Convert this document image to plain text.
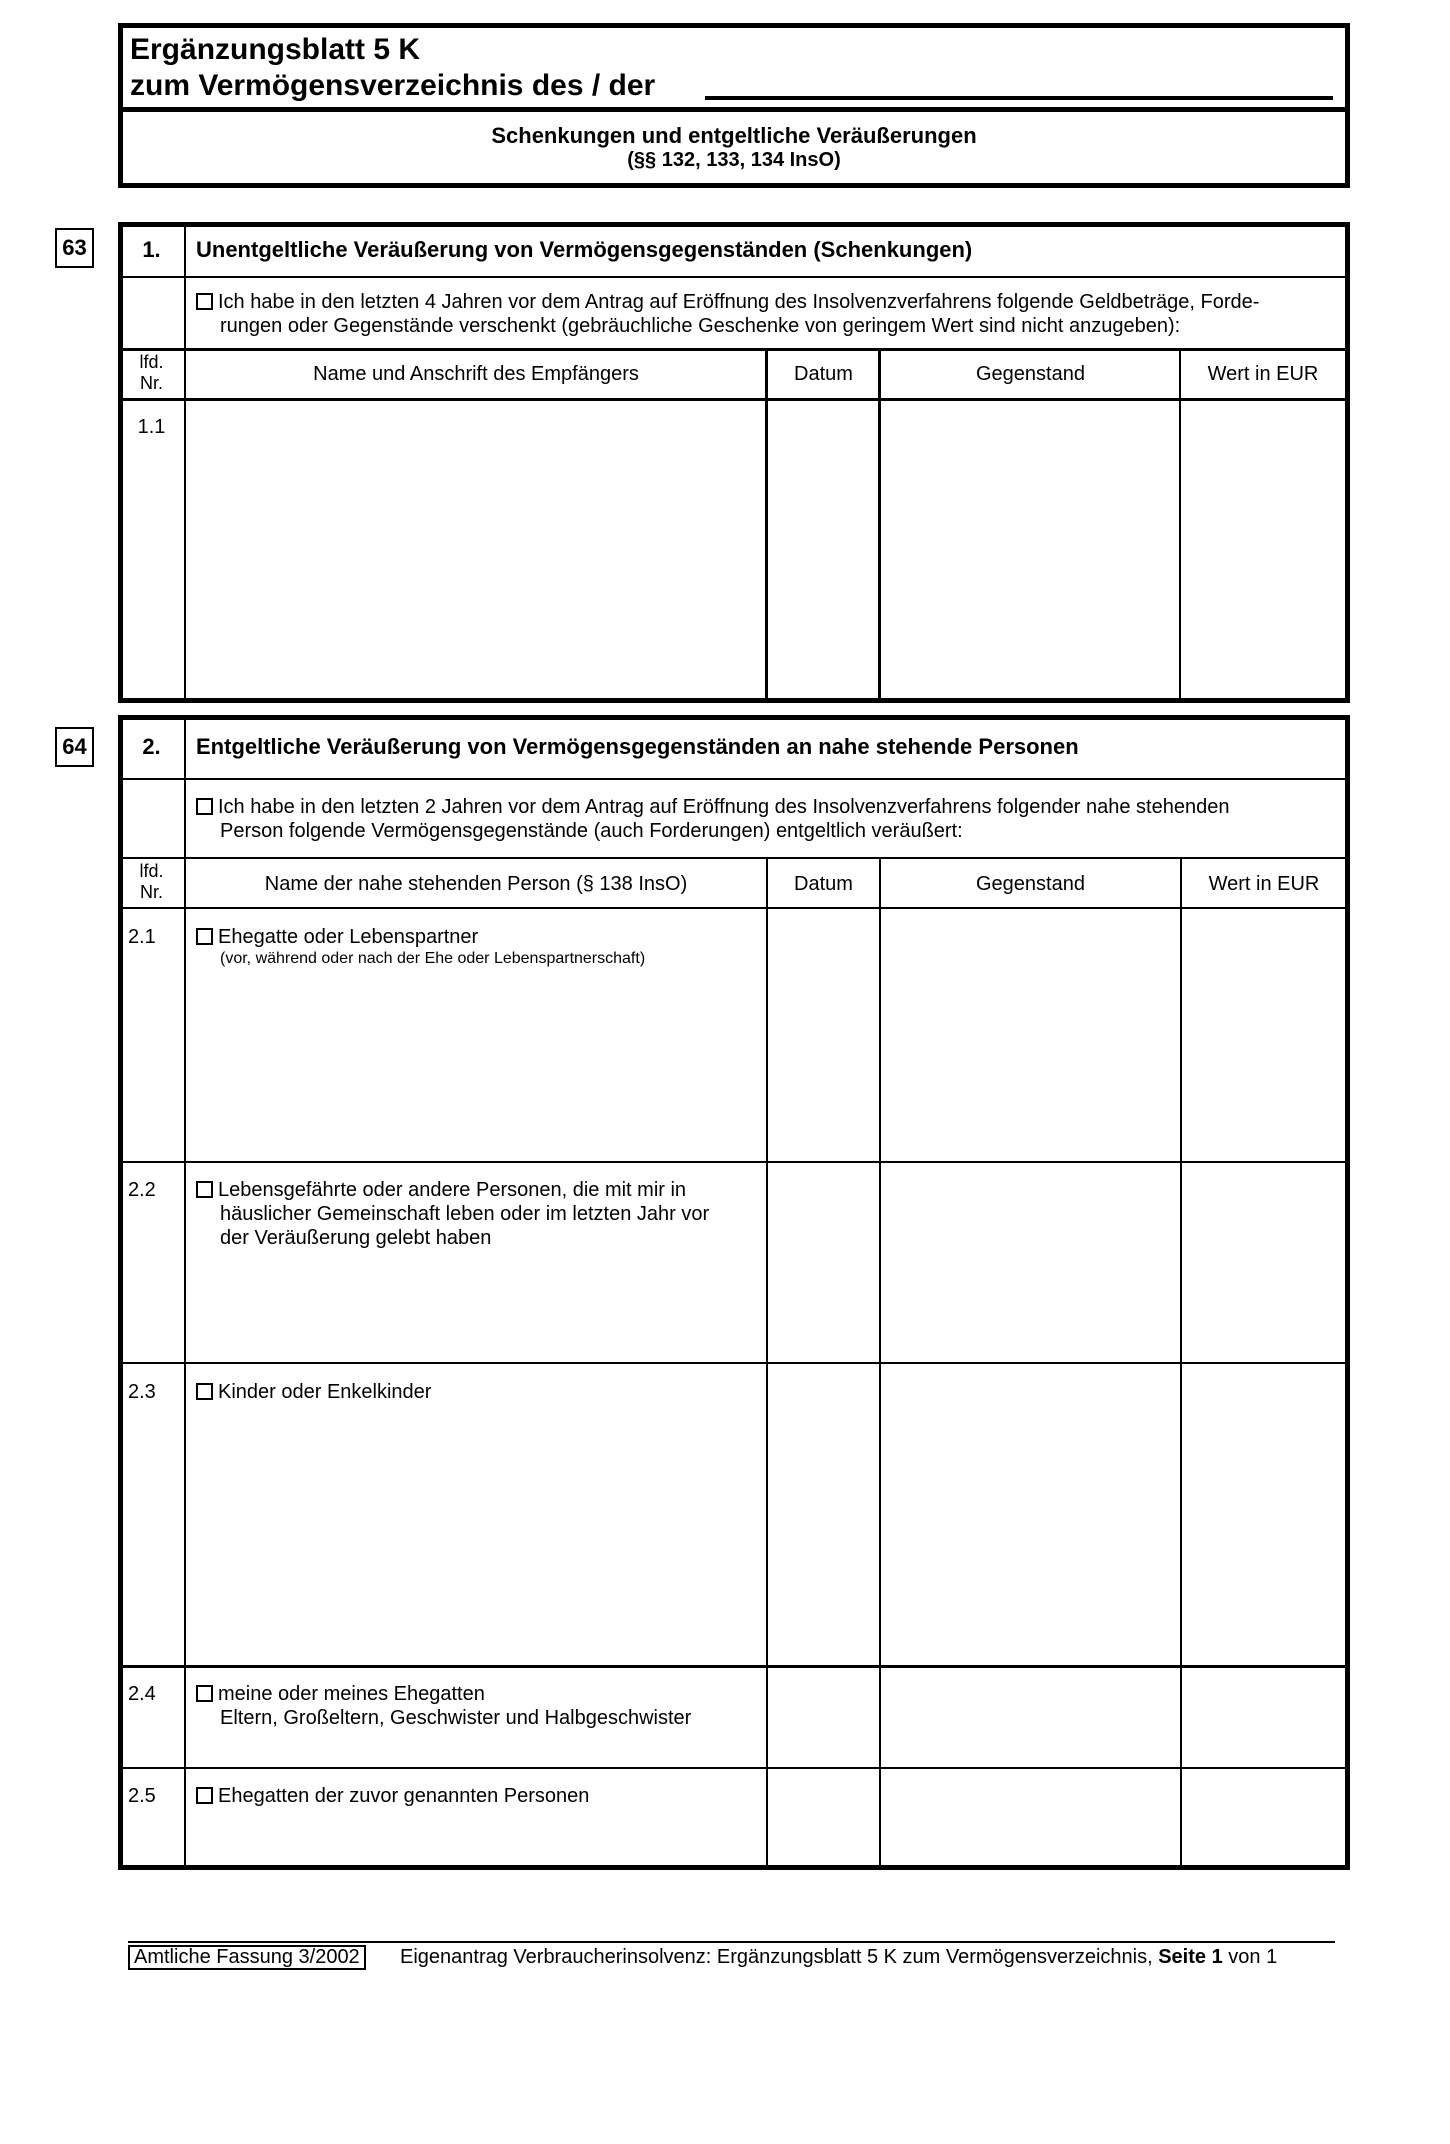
Ergänzungsblatt 5 K
zum Vermögensverzeichnis des / der
Schenkungen und entgeltliche Veräußerungen
(§§ 132, 133, 134 InsO)
63	1.	Unentgeltliche Veräußerung von Vermögensgegenständen (Schenkungen)
Ich habe in den letzten 4 Jahren vor dem Antrag auf Eröffnung des Insolvenzverfahrens folgende Geldbeträge, Forde-
rungen oder Gegenstände verschenkt (gebräuchliche Geschenke von geringem Wert sind nicht anzugeben):
lfd.
Nr.	Name und Anschrift des Empfängers	Datum	Gegenstand	Wert in EUR
1.1
64	2.	Entgeltliche Veräußerung von Vermögensgegenständen an nahe stehende Personen
Ich habe in den letzten 2 Jahren vor dem Antrag auf Eröffnung des Insolvenzverfahrens folgender nahe stehenden
Person folgende Vermögensgegenstände (auch Forderungen) entgeltlich veräußert:
lfd.
Nr.	Name der nahe stehenden Person (§ 138 InsO)	Datum	Gegenstand	Wert in EUR
2.1	Ehegatte oder Lebenspartner
(vor, während oder nach der Ehe oder Lebenspartnerschaft)
2.2	Lebensgefährte oder andere Personen, die mit mir in
häuslicher Gemeinschaft leben oder im letzten Jahr vor
der Veräußerung gelebt haben
2.3	Kinder oder Enkelkinder
2.4	meine oder meines Ehegatten
Eltern, Großeltern, Geschwister und Halbgeschwister
2.5	Ehegatten der zuvor genannten Personen
Amtliche Fassung 3/2002	Eigenantrag Verbraucherinsolvenz: Ergänzungsblatt 5 K zum Vermögensverzeichnis, Seite 1 von 1
